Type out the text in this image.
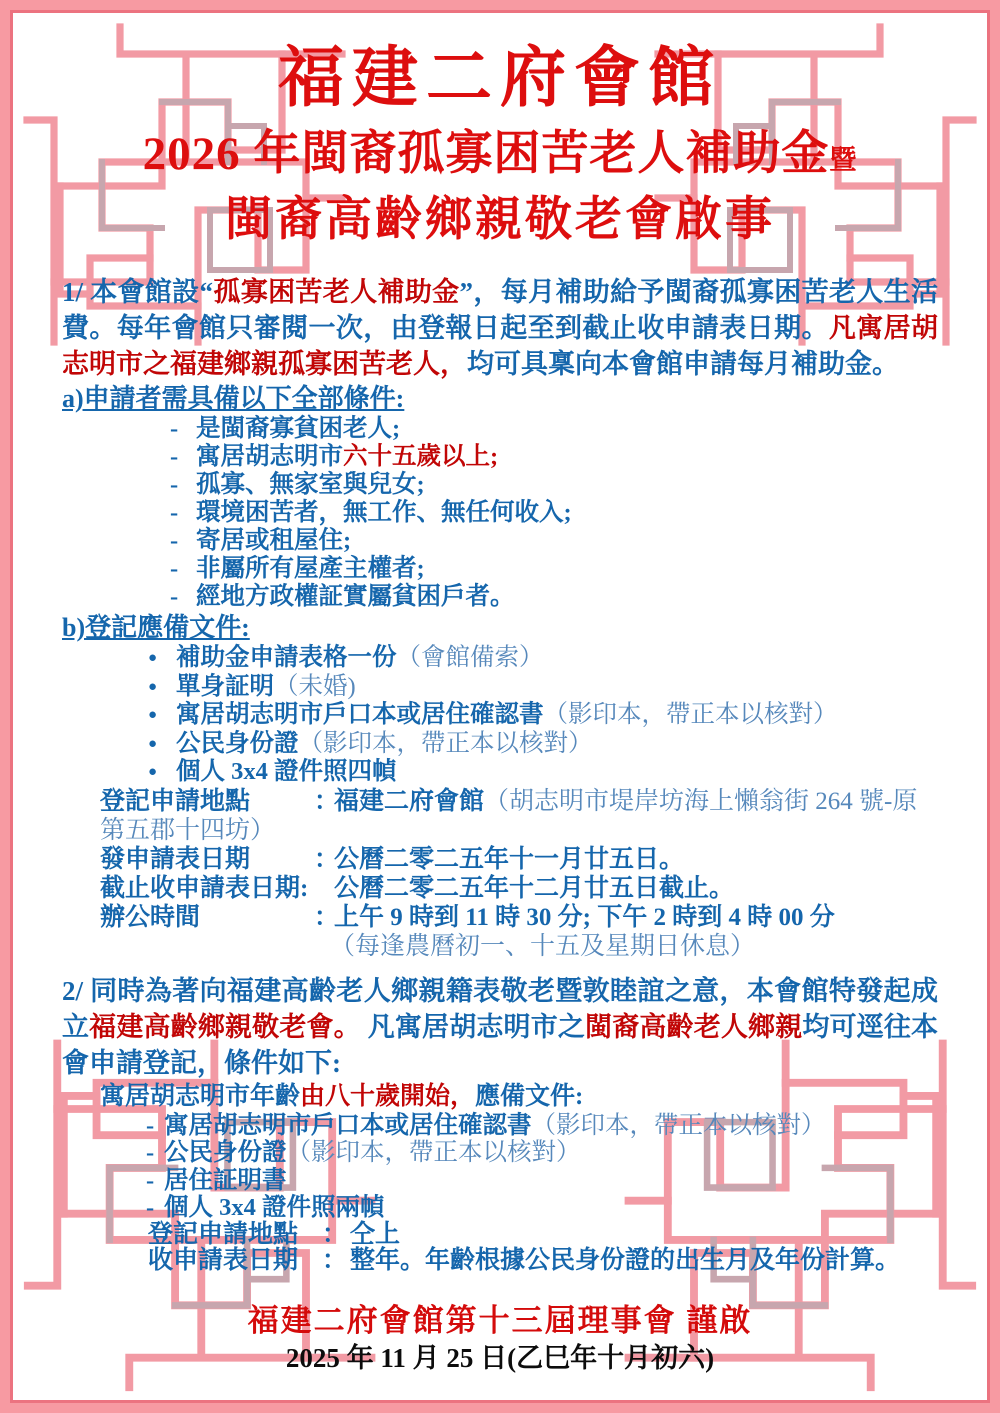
福建二府會館
2026 年閩裔孤寡困苦老人補助金暨
閩裔高齡鄉親敬老會啟事
1/ 本會館設“孤寡困苦老人補助金”，每月補助給予閩裔孤寡困苦老人生活費。每年會館只審閱一次，由登報日起至到截止收申請表日期。凡寓居胡志明市之福建鄉親孤寡困苦老人，均可具稟向本會館申請每月補助金。
a)申請者需具備以下全部條件:
- 是閩裔寡貧困老人;
- 寓居胡志明市六十五歲以上;
- 孤寡、無家室與兒女;
- 環境困苦者，無工作、無任何收入;
- 寄居或租屋住;
- 非屬所有屋產主權者;
- 經地方政權証實屬貧困戶者。
b)登記應備文件:
● 補助金申請表格一份（會館備索）
● 單身証明（未婚)
● 寓居胡志明市戶口本或居住確認書（影印本，帶正本以核對）
● 公民身份證（影印本，帶正本以核對）
● 個人 3x4 證件照四幀
登記申請地點	：福建二府會館（胡志明市堤岸坊海上懶翁街 264 號-原第五郡十四坊）
發申請表日期	：公曆二零二五年十一月廿五日。
截止收申請表日期: 公曆二零二五年十二月廿五日截止。
辦公時間	：上午 9 時到 11 時 30 分; 下午 2 時到 4 時 00 分
（每逢農曆初一、十五及星期日休息）
2/ 同時為著向福建高齡老人鄉親籍表敬老暨敦睦誼之意，本會館特發起成立福建高齡鄉親敬老會。 凡寓居胡志明市之閩裔高齡老人鄉親均可逕往本會申請登記，條件如下:
寓居胡志明市年齡由八十歲開始，應備文件:
- 寓居胡志明市戶口本或居住確認書（影印本，帶正本以核對）
- 公民身份證（影印本，帶正本以核對）
- 居住証明書
- 個人 3x4 證件照兩幀
登記申請地點 ： 仝上
收申請表日期 ： 整年。年齡根據公民身份證的出生月及年份計算。
福建二府會館第十三屆理事會 謹啟
2025 年 11 月 25 日(乙巳年十月初六)
